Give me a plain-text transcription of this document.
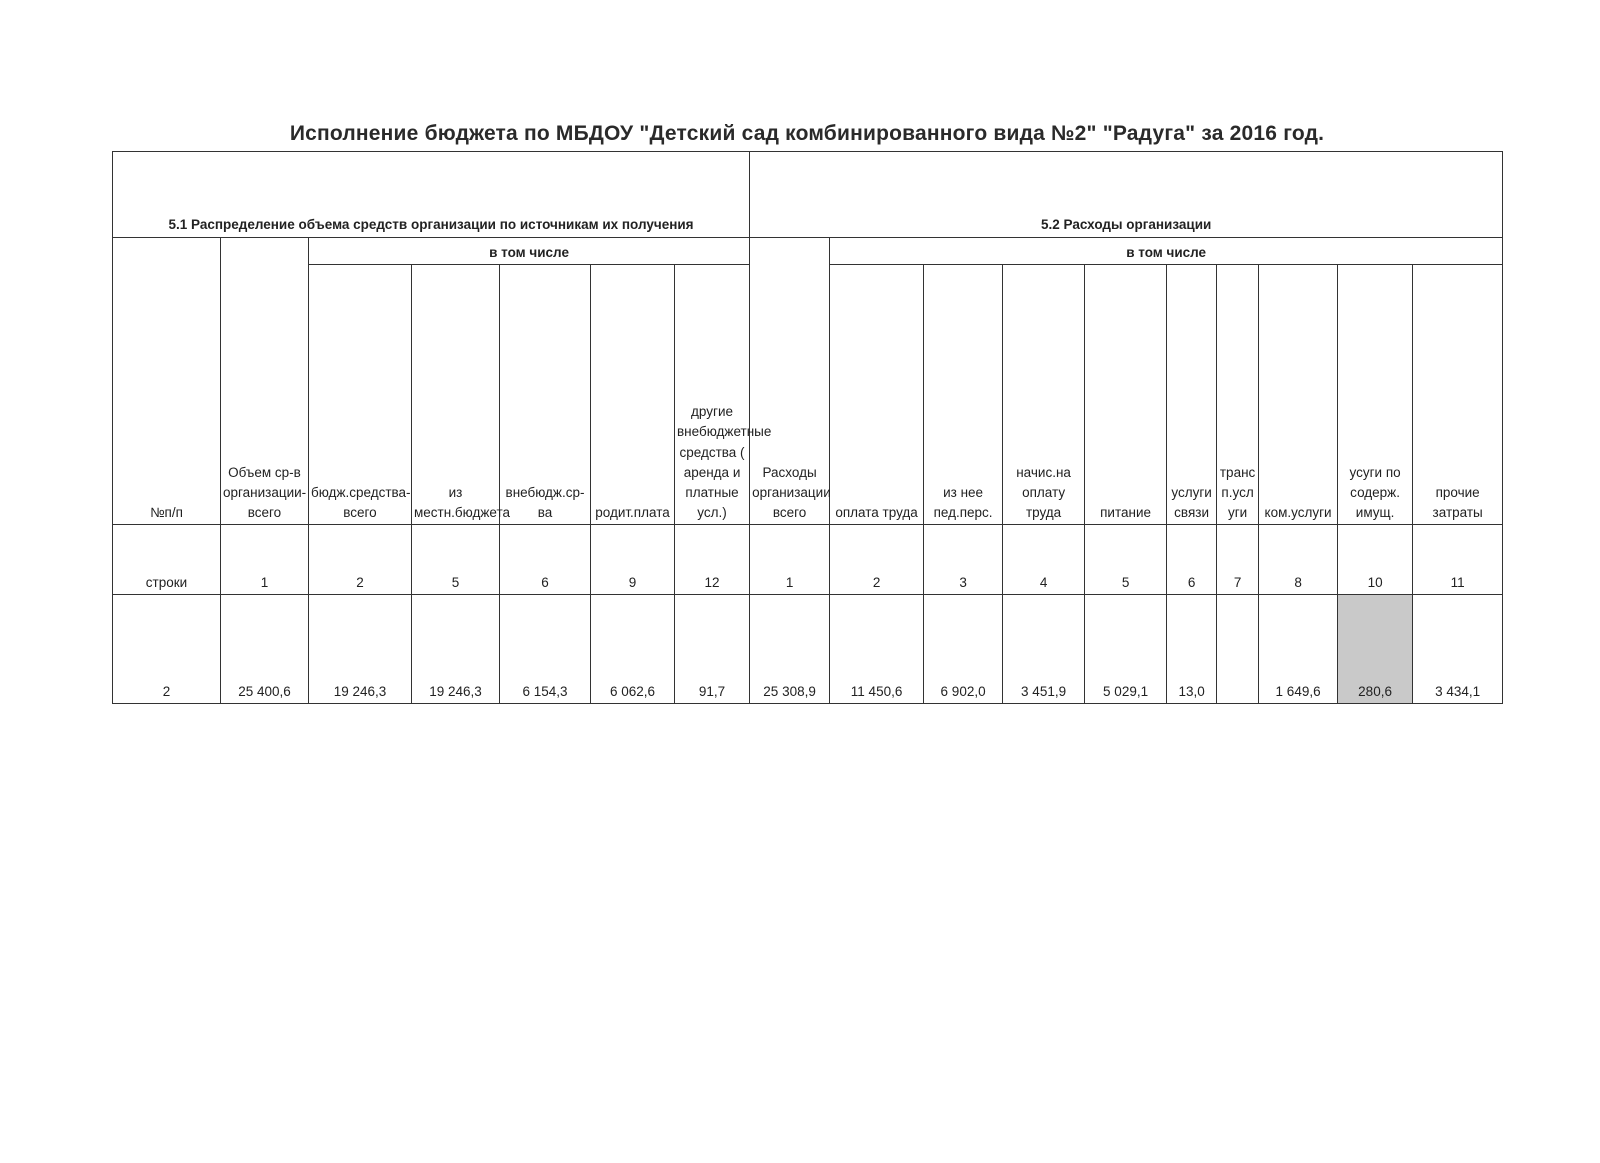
Исполнение бюджета по МБДОУ "Детский сад комбинированного вида №2" "Радуга" за 2016 год.
5.1 Распределение объема средств организации по источникам их получения							5.2 Расходы организации									
№п/п	Объем ср-в организации- всего	в том числе					Расходы организации всего	в том числе								
		бюдж.средства-всего	из местн.бюджета	внебюдж.ср-ва	родит.плата	другие внебюджетные средства ( аренда и платные усл.)		оплата труда	из нее пед.перс.	начис.на оплату труда	питание	услуги связи	трансп.услуги	ком.услуги	усуги по содерж. имущ.	прочие затраты
строки	1	2	5	6	9	12	1	2	3	4	5	6	7	8	10	11
2	25 400,6	19 246,3	19 246,3	6 154,3	6 062,6	91,7	25 308,9	11 450,6	6 902,0	3 451,9	5 029,1	13,0		1 649,6	280,6	3 434,1
